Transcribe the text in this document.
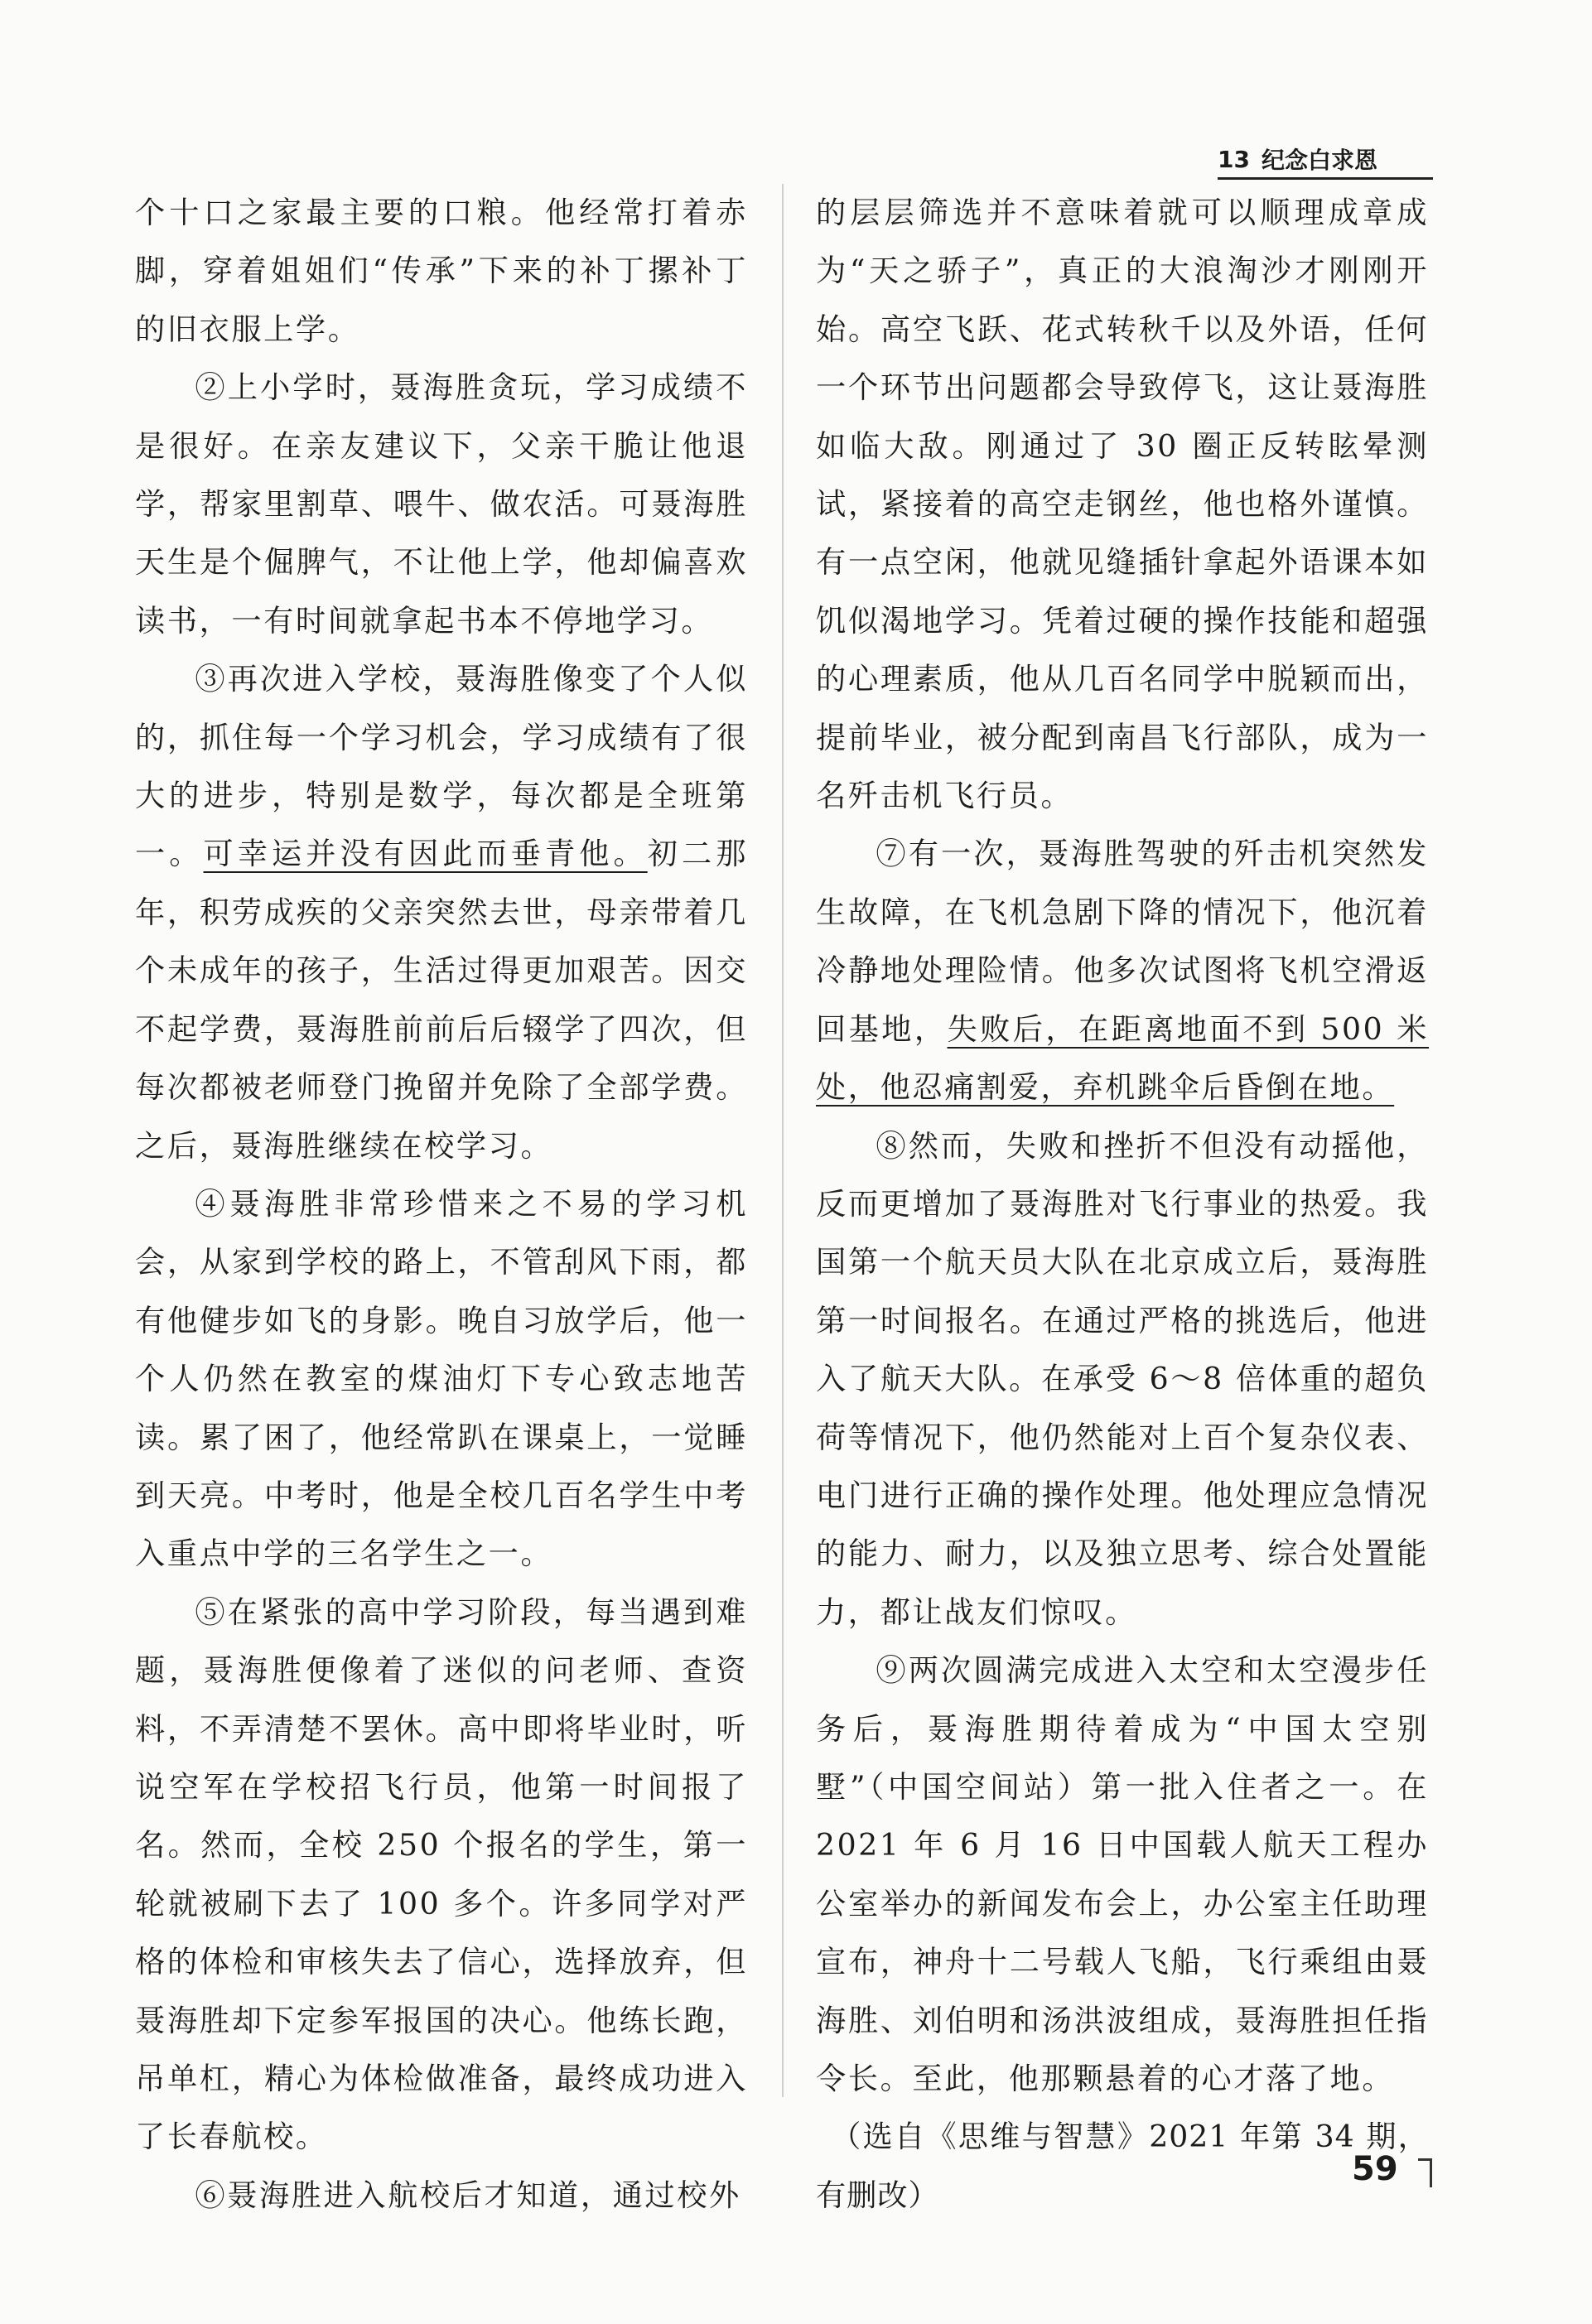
13 纪念白求恩

个十口之家最主要的口粮。他经常打着赤脚，穿着姐姐们“传承”下来的补丁摞补丁的旧衣服上学。

②上小学时，聂海胜贪玩，学习成绩不是很好。在亲友建议下，父亲干脆让他退学，帮家里割草、喂牛、做农活。可聂海胜天生是个倔脾气，不让他上学，他却偏喜欢读书，一有时间就拿起书本不停地学习。

③再次进入学校，聂海胜像变了个人似的，抓住每一个学习机会，学习成绩有了很大的进步，特别是数学，每次都是全班第一。可幸运并没有因此而垂青他。初二那年，积劳成疾的父亲突然去世，母亲带着几个未成年的孩子，生活过得更加艰苦。因交不起学费，聂海胜前前后后辍学了四次，但每次都被老师登门挽留并免除了全部学费。之后，聂海胜继续在校学习。

④聂海胜非常珍惜来之不易的学习机会，从家到学校的路上，不管刮风下雨，都有他健步如飞的身影。晚自习放学后，他一个人仍然在教室的煤油灯下专心致志地苦读。累了困了，他经常趴在课桌上，一觉睡到天亮。中考时，他是全校几百名学生中考入重点中学的三名学生之一。

⑤在紧张的高中学习阶段，每当遇到难题，聂海胜便像着了迷似的问老师、查资料，不弄清楚不罢休。高中即将毕业时，听说空军在学校招飞行员，他第一时间报了名。然而，全校 250 个报名的学生，第一轮就被刷下去了 100 多个。许多同学对严格的体检和审核失去了信心，选择放弃，但聂海胜却下定参军报国的决心。他练长跑，吊单杠，精心为体检做准备，最终成功进入了长春航校。

⑥聂海胜进入航校后才知道，通过校外

的层层筛选并不意味着就可以顺理成章成为“天之骄子”，真正的大浪淘沙才刚刚开始。高空飞跃、花式转秋千以及外语，任何一个环节出问题都会导致停飞，这让聂海胜如临大敌。刚通过了 30 圈正反转眩晕测试，紧接着的高空走钢丝，他也格外谨慎。有一点空闲，他就见缝插针拿起外语课本如饥似渴地学习。凭着过硬的操作技能和超强的心理素质，他从几百名同学中脱颖而出，提前毕业，被分配到南昌飞行部队，成为一名歼击机飞行员。

⑦有一次，聂海胜驾驶的歼击机突然发生故障，在飞机急剧下降的情况下，他沉着冷静地处理险情。他多次试图将飞机空滑返回基地，失败后，在距离地面不到 500 米处，他忍痛割爱，弃机跳伞后昏倒在地。

⑧然而，失败和挫折不但没有动摇他，反而更增加了聂海胜对飞行事业的热爱。我国第一个航天员大队在北京成立后，聂海胜第一时间报名。在通过严格的挑选后，他进入了航天大队。在承受 6～8 倍体重的超负荷等情况下，他仍然能对上百个复杂仪表、电门进行正确的操作处理。他处理应急情况的能力、耐力，以及独立思考、综合处置能力，都让战友们惊叹。

⑨两次圆满完成进入太空和太空漫步任务后，聂海胜期待着成为“中国太空别墅”（中国空间站）第一批入住者之一。在 2021 年 6 月 16 日中国载人航天工程办公室举办的新闻发布会上，办公室主任助理宣布，神舟十二号载人飞船，飞行乘组由聂海胜、刘伯明和汤洪波组成，聂海胜担任指令长。至此，他那颗悬着的心才落了地。

（选自《思维与智慧》2021 年第 34 期，有删改）

59
